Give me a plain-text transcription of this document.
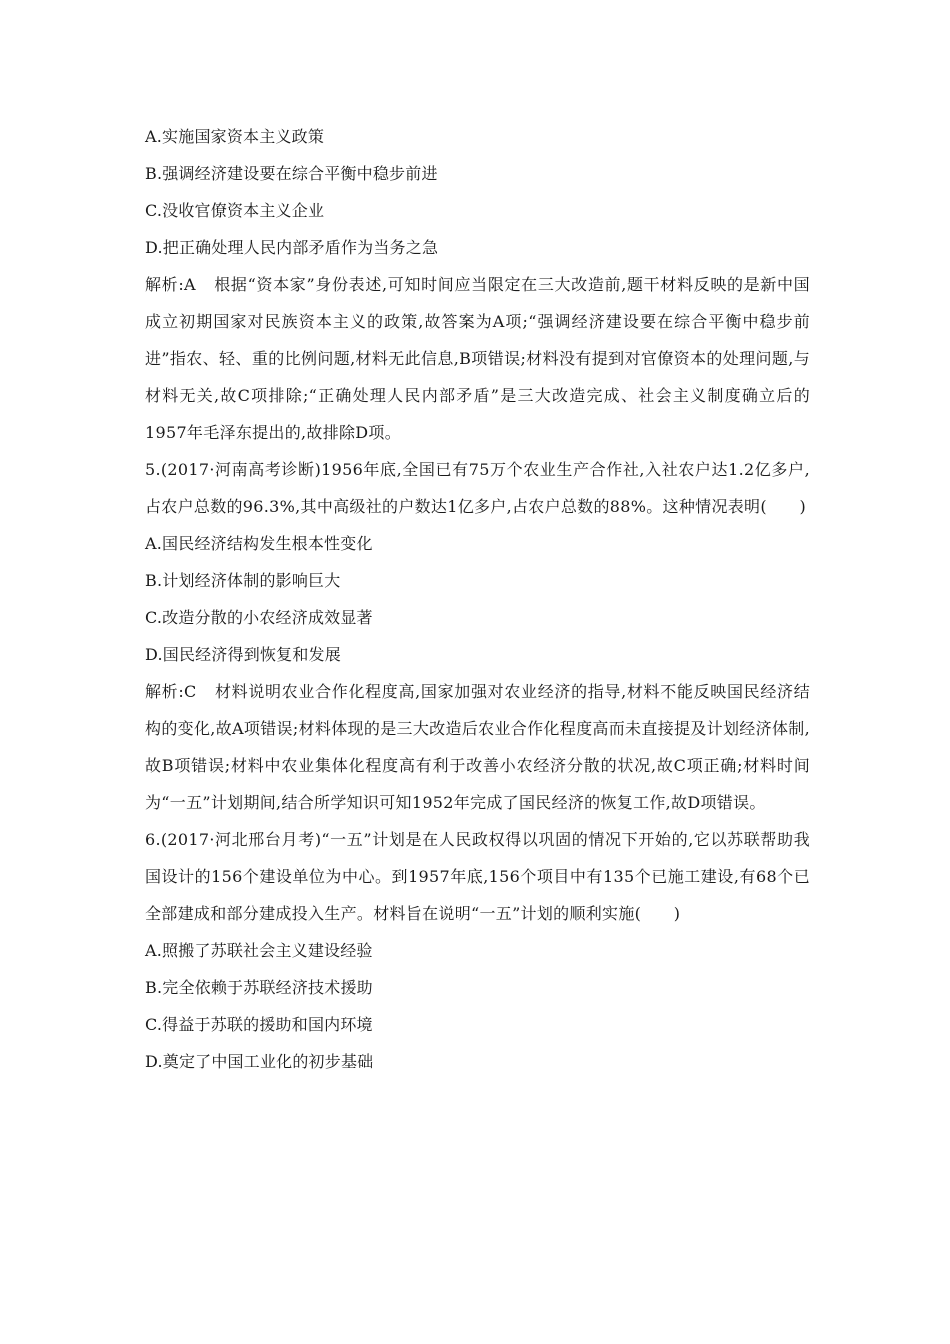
A.实施国家资本主义政策
B.强调经济建设要在综合平衡中稳步前进
C.没收官僚资本主义企业
D.把正确处理人民内部矛盾作为当务之急
解析:A 根据“资本家”身份表述,可知时间应当限定在三大改造前,题干材料反映的是新中国成立初期国家对民族资本主义的政策,故答案为A项;“强调经济建设要在综合平衡中稳步前进”指农、轻、重的比例问题,材料无此信息,B项错误;材料没有提到对官僚资本的处理问题,与材料无关,故C项排除;“正确处理人民内部矛盾”是三大改造完成、社会主义制度确立后的1957年毛泽东提出的,故排除D项。
5.(2017·河南高考诊断)1956年底,全国已有75万个农业生产合作社,入社农户达1.2亿多户,占农户总数的96.3%,其中高级社的户数达1亿多户,占农户总数的88%。这种情况表明(　　)
A.国民经济结构发生根本性变化
B.计划经济体制的影响巨大
C.改造分散的小农经济成效显著
D.国民经济得到恢复和发展
解析:C 材料说明农业合作化程度高,国家加强对农业经济的指导,材料不能反映国民经济结构的变化,故A项错误;材料体现的是三大改造后农业合作化程度高而未直接提及计划经济体制,故B项错误;材料中农业集体化程度高有利于改善小农经济分散的状况,故C项正确;材料时间为“一五”计划期间,结合所学知识可知1952年完成了国民经济的恢复工作,故D项错误。
6.(2017·河北邢台月考)“一五”计划是在人民政权得以巩固的情况下开始的,它以苏联帮助我国设计的156个建设单位为中心。到1957年底,156个项目中有135个已施工建设,有68个已全部建成和部分建成投入生产。材料旨在说明“一五”计划的顺利实施(　　)
A.照搬了苏联社会主义建设经验
B.完全依赖于苏联经济技术援助
C.得益于苏联的援助和国内环境
D.奠定了中国工业化的初步基础
